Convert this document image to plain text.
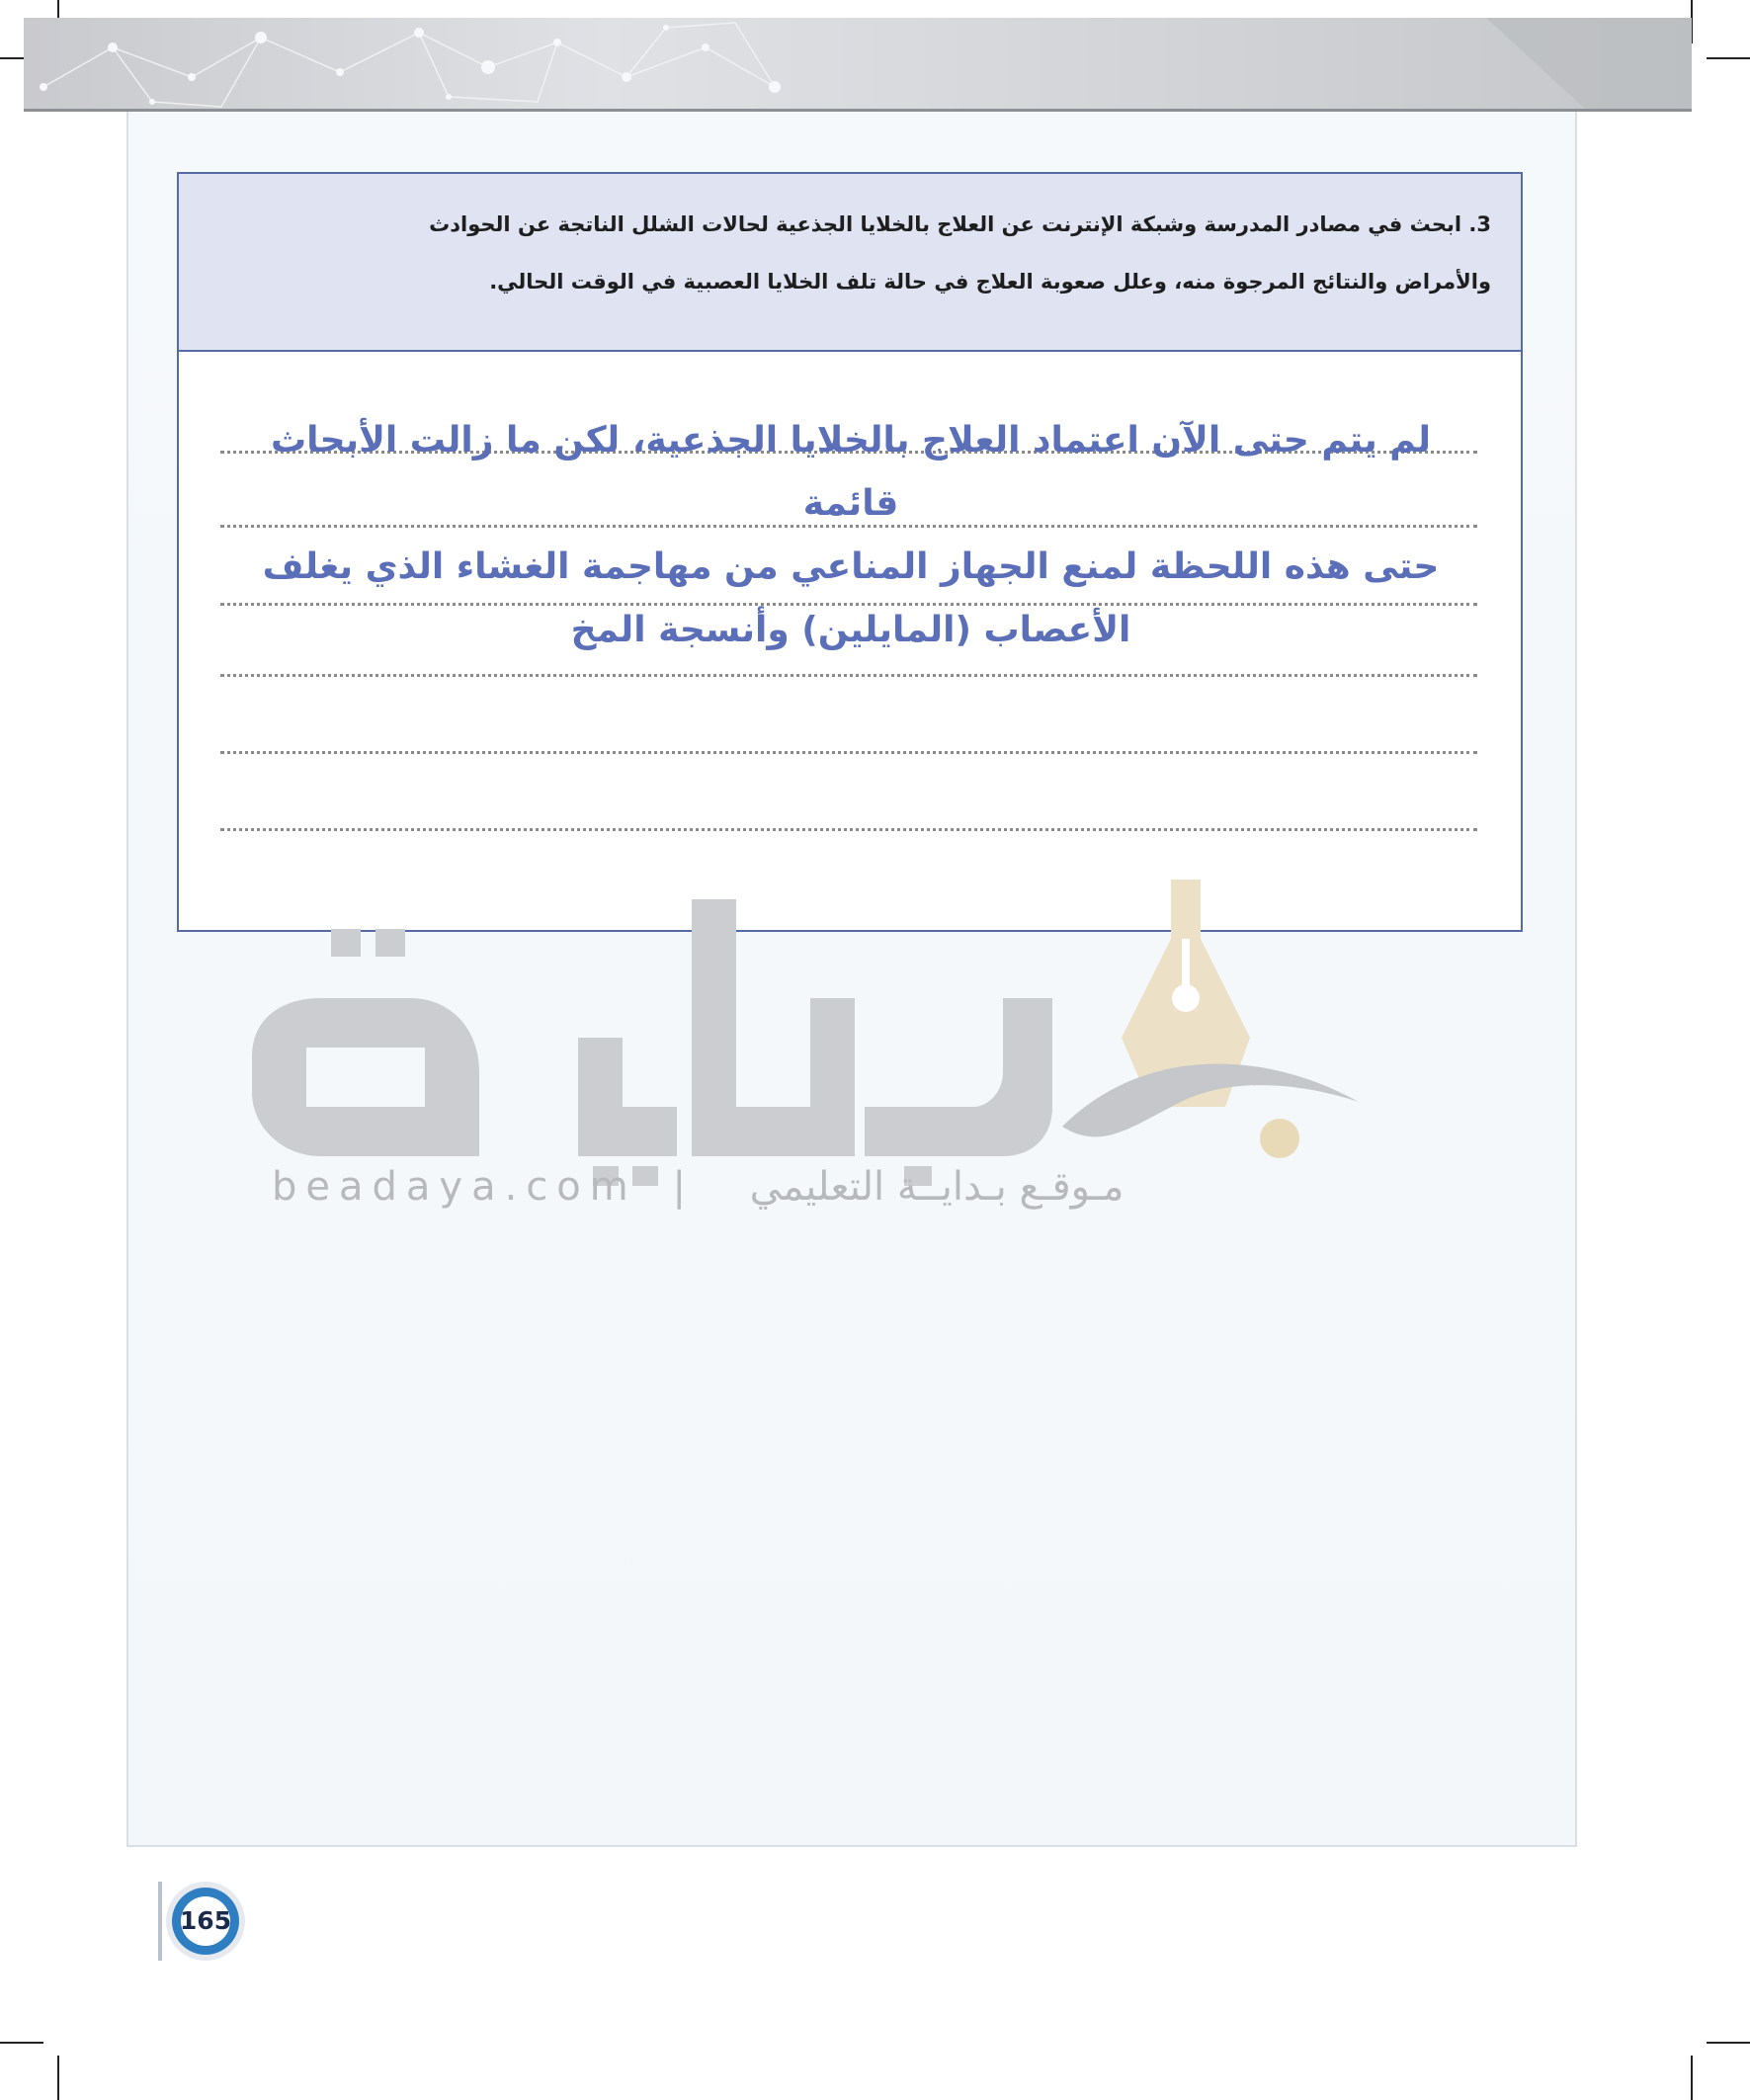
3. ابحث في مصادر المدرسة وشبكة الإنترنت عن العلاج بالخلايا الجذعية لحالات الشلل الناتجة عن الحوادث
والأمراض والنتائج المرجوة منه، وعلل صعوبة العلاج في حالة تلف الخلايا العصبية في الوقت الحالي.
لم يتم حتى الآن اعتماد العلاج بالخلايا الجذعية، لكن ما زالت الأبحاث قائمة
حتى هذه اللحظة لمنع الجهاز المناعي من مهاجمة الغشاء الذي يغلف
الأعصاب (المايلين) وأنسجة المخ
بـدايـة
beadaya.com | مـوقـع بـدايــة التعليمي
165
